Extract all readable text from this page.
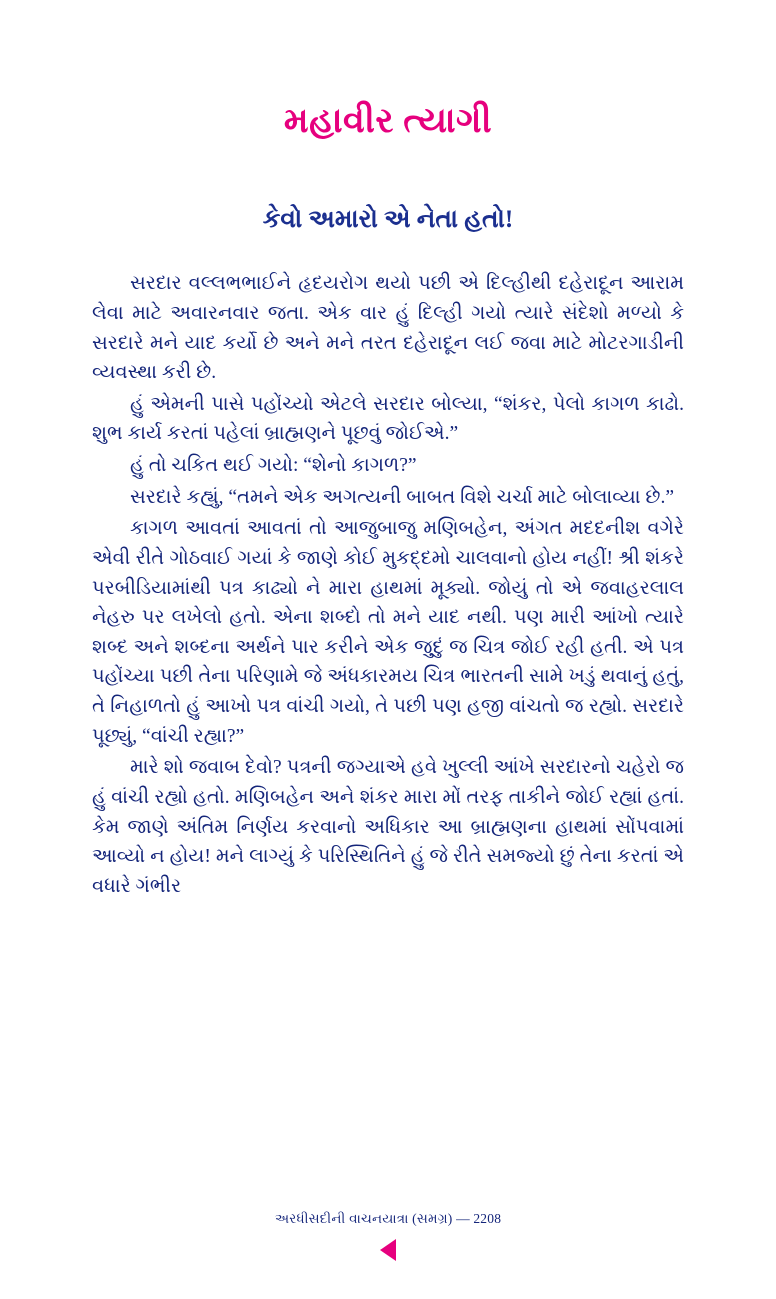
મહાવીર ત્યાગી
કેવો અમારો એ નેતા હતો!

સરદાર વલ્લભભાઈને હૃદયરોગ થયો પછી એ દિલ્હીથી દહેરાદૂન આરામ લેવા માટે અવારનવાર જતા. એક વાર હું દિલ્હી ગયો ત્યારે સંદેશો મળ્યો કે સરદારે મને યાદ કર્યો છે અને મને તરત દહેરાદૂન લઈ જવા માટે મોટરગાડીની વ્યવસ્થા કરી છે.

હું એમની પાસે પહોંચ્યો એટલે સરદાર બોલ્યા, “શંકર, પેલો કાગળ કાઢો. શુભ કાર્ય કરતાં પહેલાં બ્રાહ્મણને પૂછવું જોઈએ.”

હું તો ચકિત થઈ ગયો: “શેનો કાગળ?”

સરદારે કહ્યું, “તમને એક અગત્યની બાબત વિશે ચર્ચા માટે બોલાવ્યા છે.”

કાગળ આવતાં આવતાં તો આજુબાજુ મણિબહેન, અંગત મદદનીશ વગેરે એવી રીતે ગોઠવાઈ ગયાં કે જાણે કોઈ મુકદ્દમો ચાલવાનો હોય નહીં! શ્રી શંકરે પરબીડિયામાંથી પત્ર કાઢ્યો ને મારા હાથમાં મૂક્યો. જોયું તો એ જવાહરલાલ નેહરુ પર લખેલો હતો. એના શબ્દો તો મને યાદ નથી. પણ મારી આંખો ત્યારે શબ્દ અને શબ્દના અર્થને પાર કરીને એક જુદું જ ચિત્ર જોઈ રહી હતી. એ પત્ર પહોંચ્યા પછી તેના પરિણામે જે અંધકારમય ચિત્ર ભારતની સામે ખડું થવાનું હતું, તે નિહાળતો હું આખો પત્ર વાંચી ગયો, તે પછી પણ હજી વાંચતો જ રહ્યો. સરદારે પૂછ્યું, “વાંચી રહ્યા?”

મારે શો જવાબ દેવો? પત્રની જગ્યાએ હવે ખુલ્લી આંખે સરદારનો ચહેરો જ હું વાંચી રહ્યો હતો. મણિબહેન અને શંકર મારા મોં તરફ તાકીને જોઈ રહ્યાં હતાં. કેમ જાણે અંતિમ નિર્ણય કરવાનો અધિકાર આ બ્રાહ્મણના હાથમાં સોંપવામાં આવ્યો ન હોય! મને લાગ્યું કે પરિસ્થિતિને હું જે રીતે સમજ્યો છું તેના કરતાં એ વધારે ગંભીર

અરધીસદીની વાચનયાત્રા (સમગ્ર) — 2208
